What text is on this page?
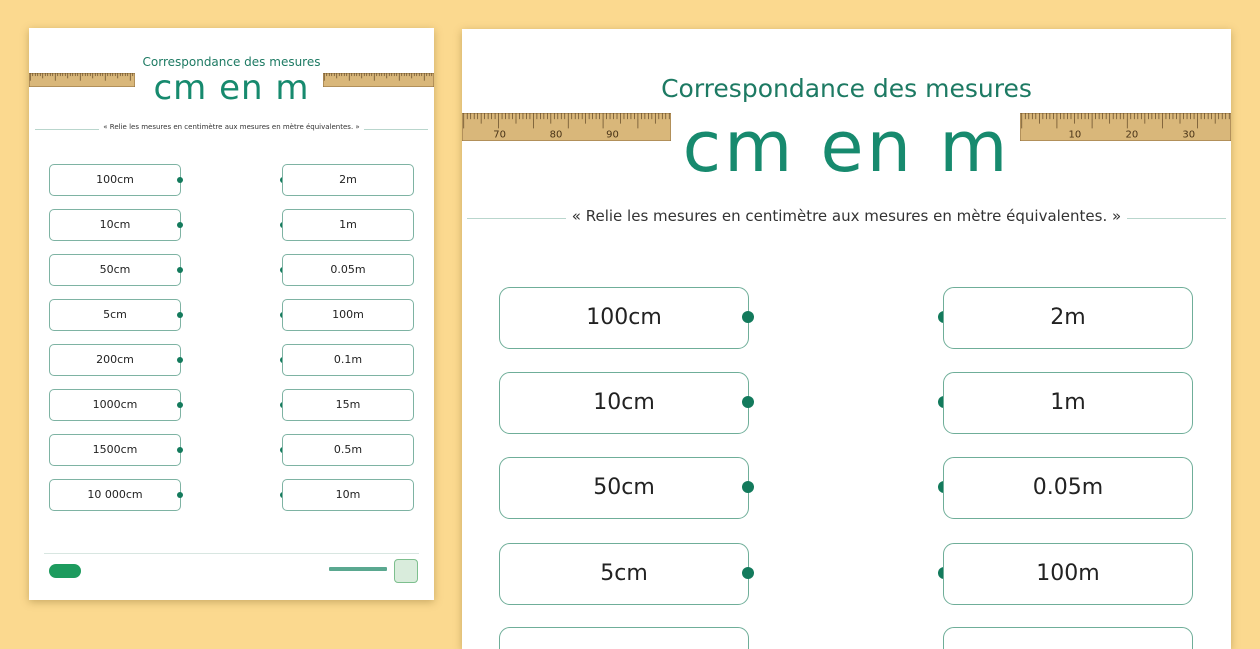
Correspondance des mesures
cm en m
« Relie les mesures en centimètre aux mesures en mètre équivalentes. »
100cm	2m
10cm	1m
50cm	0.05m
5cm	100m
200cm	0.1m
1000cm	15m
1500cm	0.5m
10 000cm	10m
70	80	90	10	20	30
Correspondance des mesures
cm en m
« Relie les mesures en centimètre aux mesures en mètre équivalentes. »
100cm	2m
10cm	1m
50cm	0.05m
5cm	100m
